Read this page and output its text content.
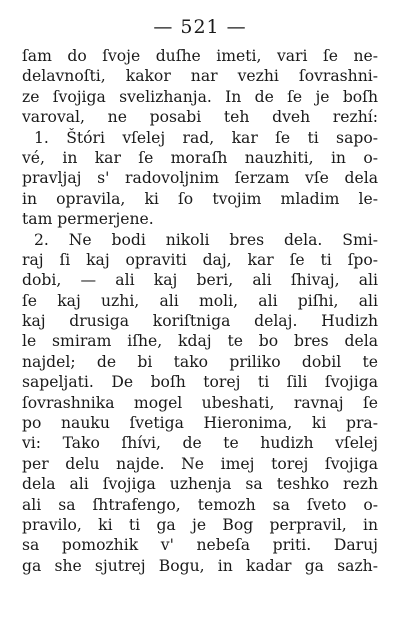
— 521 —
ſam do ſvoje duſhe imeti, vari ſe ne-
delavnoſti, kakor nar vezhi ſovrashni-
ze ſvojiga svelizhanja. In de ſe je boſh
varoval, ne posabi teh dveh rezhí:
1. Štóri vſelej rad, kar ſe ti sapo-
vé, in kar ſe moraſh nauzhiti, in o-
pravljaj s' radovoljnim ſerzam vſe dela
in opravila, ki ſo tvojim mladim le-
tam permerjene.
2. Ne bodi nikoli bres dela. Smi-
raj ſi kaj opraviti daj, kar ſe ti ſpo-
dobi, — ali kaj beri, ali ſhivaj, ali
ſe kaj uzhi, ali moli, ali piſhi, ali
kaj drusiga koriſtniga delaj. Hudizh
le smiram iſhe, kdaj te bo bres dela
najdel; de bi tako priliko dobil te
sapeljati. De boſh torej ti ſili ſvojiga
ſovrashnika mogel ubeshati, ravnaj ſe
po nauku ſvetiga Hieronima, ki pra-
vi: Tako ſhívi, de te hudizh vſelej
per delu najde. Ne imej torej ſvojiga
dela ali ſvojiga uzhenja sa teshko rezh
ali sa ſhtrafengo, temozh sa ſveto o-
pravilo, ki ti ga je Bog perpravil, in
sa pomozhik v' nebeſa priti. Daruj
ga she sjutrej Bogu, in kadar ga sazh-
